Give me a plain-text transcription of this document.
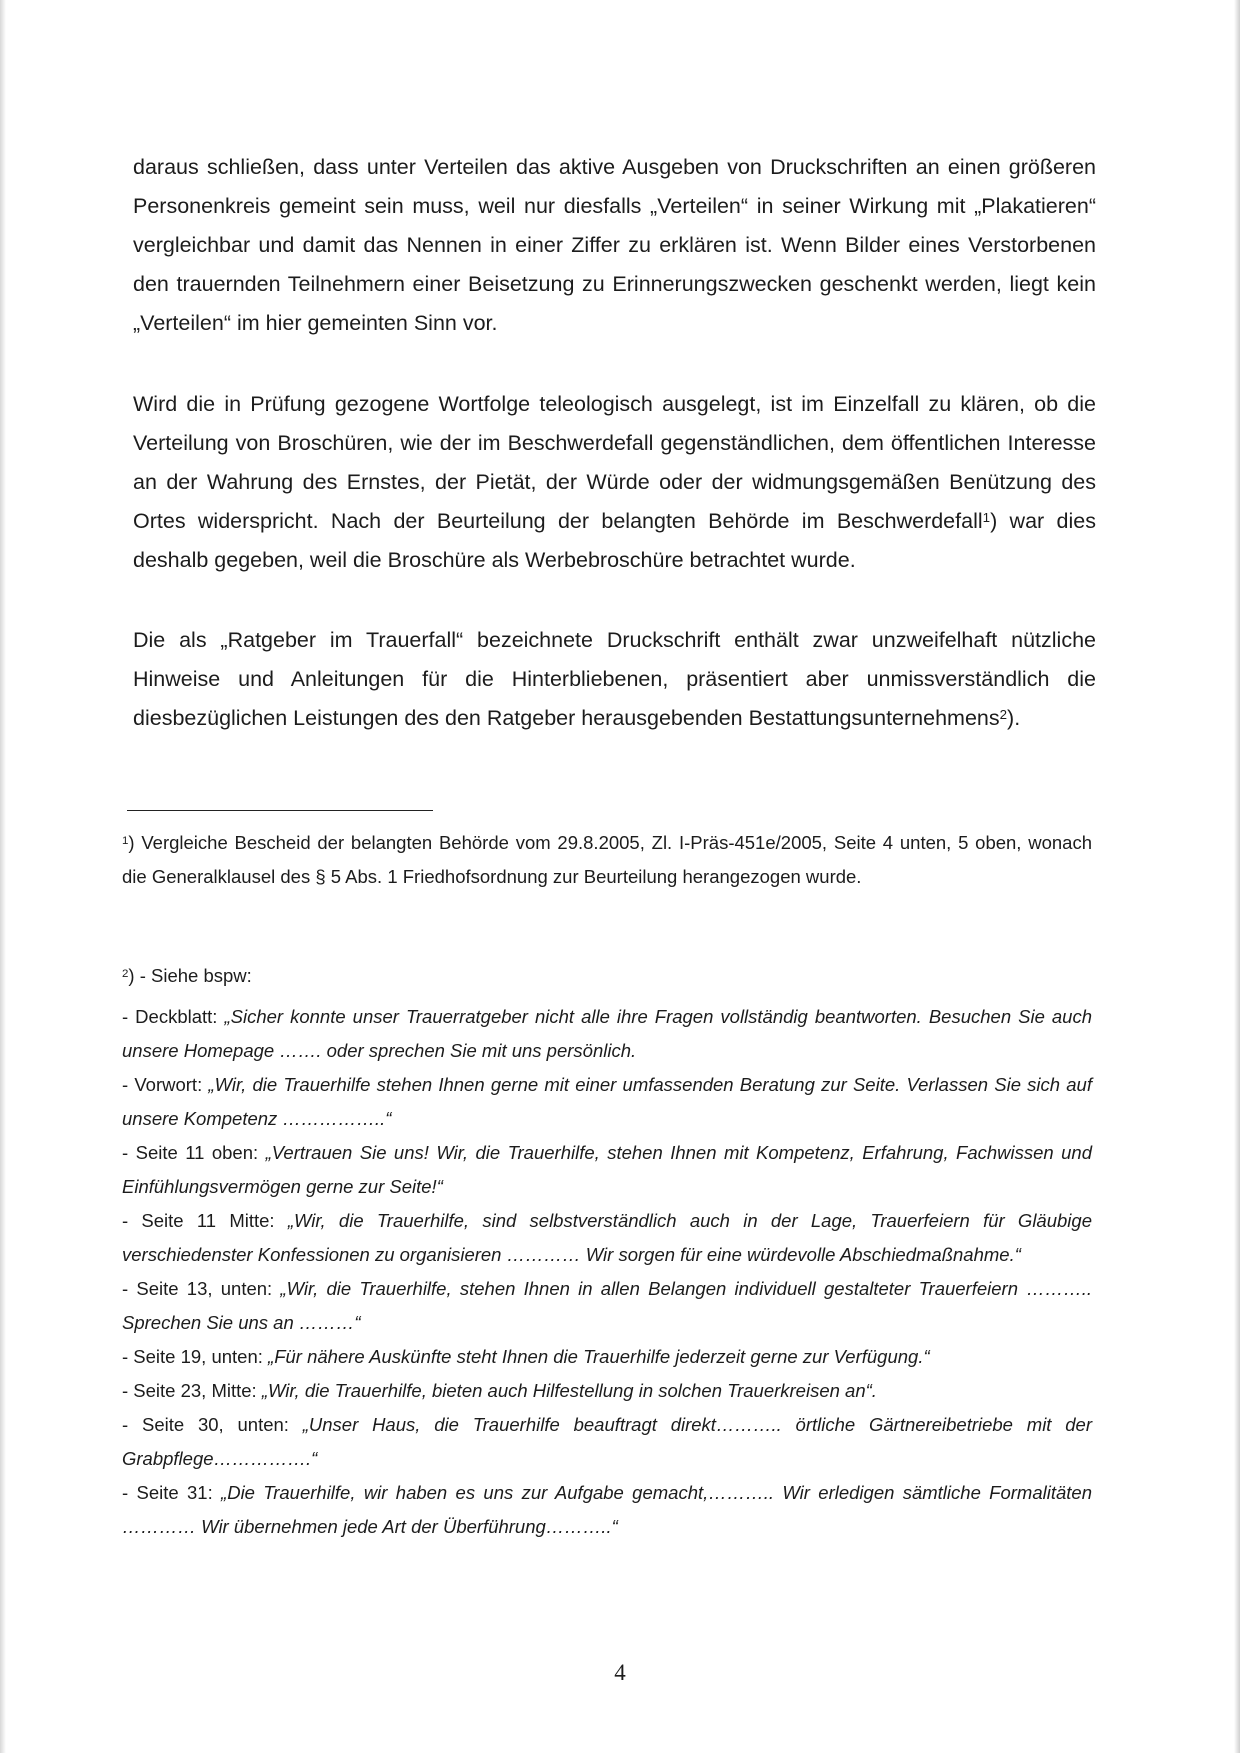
daraus schließen, dass unter Verteilen das aktive Ausgeben von Druckschriften an einen größeren Personenkreis gemeint sein muss, weil nur diesfalls „Verteilen“ in seiner Wirkung mit „Plakatieren“ vergleichbar und damit das Nennen in einer Ziffer zu erklären ist. Wenn Bilder eines Verstorbenen den trauernden Teilnehmern einer Beisetzung zu Erinnerungszwecken geschenkt werden, liegt kein „Verteilen“ im hier gemeinten Sinn vor.

Wird die in Prüfung gezogene Wortfolge teleologisch ausgelegt, ist im Einzelfall zu klären, ob die Verteilung von Broschüren, wie der im Beschwerdefall gegenständlichen, dem öffentlichen Interesse an der Wahrung des Ernstes, der Pietät, der Würde oder der widmungsgemäßen Benützung des Ortes widerspricht. Nach der Beurteilung der belangten Behörde im Beschwerdefall$^1$) war dies deshalb gegeben, weil die Broschüre als Werbebroschüre betrachtet wurde.

Die als „Ratgeber im Trauerfall“ bezeichnete Druckschrift enthält zwar unzweifelhaft nützliche Hinweise und Anleitungen für die Hinterbliebenen, präsentiert aber unmissverständlich die diesbezüglichen Leistungen des den Ratgeber herausgebenden Bestattungsunternehmens$^2$).

$^1$) Vergleiche Bescheid der belangten Behörde vom 29.8.2005, Zl. I-Präs-451e/2005, Seite 4 unten, 5 oben, wonach die Generalklausel des § 5 Abs. 1 Friedhofsordnung zur Beurteilung herangezogen wurde.

$^2$) - Siehe bspw:

- Deckblatt: „Sicher konnte unser Trauerratgeber nicht alle ihre Fragen vollständig beantworten. Besuchen Sie auch unsere Homepage ……. oder sprechen Sie mit uns persönlich.

- Vorwort: „Wir, die Trauerhilfe stehen Ihnen gerne mit einer umfassenden Beratung zur Seite. Verlassen Sie sich auf unsere Kompetenz ……………..“

- Seite 11 oben: „Vertrauen Sie uns! Wir, die Trauerhilfe, stehen Ihnen mit Kompetenz, Erfahrung, Fachwissen und Einfühlungsvermögen gerne zur Seite!“

- Seite 11 Mitte: „Wir, die Trauerhilfe, sind selbstverständlich auch in der Lage, Trauerfeiern für Gläubige verschiedenster Konfessionen zu organisieren ………… Wir sorgen für eine würdevolle Abschiedmaßnahme.“

- Seite 13, unten: „Wir, die Trauerhilfe, stehen Ihnen in allen Belangen individuell gestalteter Trauerfeiern ……….. Sprechen Sie uns an ………“

- Seite 19, unten: „Für nähere Auskünfte steht Ihnen die Trauerhilfe jederzeit gerne zur Verfügung.“

- Seite 23, Mitte: „Wir, die Trauerhilfe, bieten auch Hilfestellung in solchen Trauerkreisen an“.

- Seite 30, unten: „Unser Haus, die Trauerhilfe beauftragt direkt……….. örtliche Gärtnereibetriebe mit der Grabpflege…………….“

- Seite 31: „Die Trauerhilfe, wir haben es uns zur Aufgabe gemacht,……….. Wir erledigen sämtliche Formalitäten ………… Wir übernehmen jede Art der Überführung………..“

4
